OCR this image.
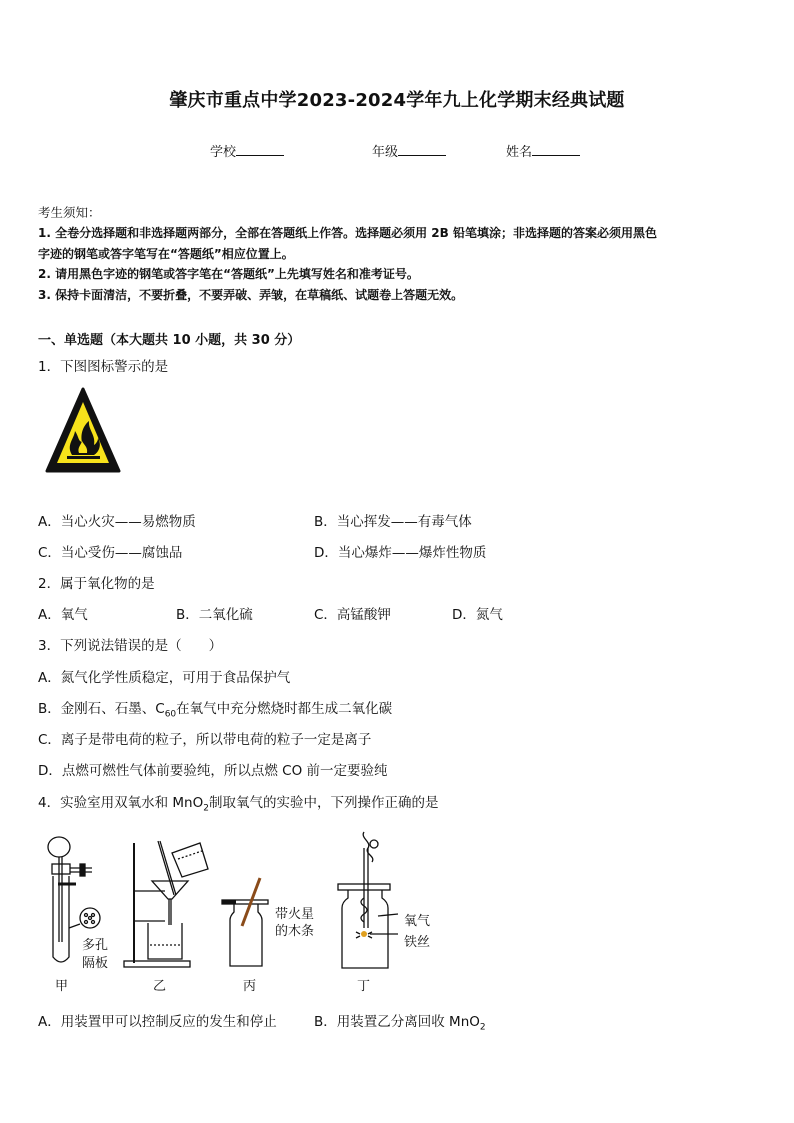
肇庆市重点中学2023-2024学年九上化学期末经典试题
学校	年级	姓名
考生须知：
1. 全卷分选择题和非选择题两部分，全部在答题纸上作答。选择题必须用 2B 铅笔填涂；非选择题的答案必须用黑色
字迹的钢笔或答字笔写在“答题纸”相应位置上。
2. 请用黑色字迹的钢笔或答字笔在“答题纸”上先填写姓名和准考证号。
3. 保持卡面清洁，不要折叠，不要弄破、弄皱，在草稿纸、试题卷上答题无效。
一、单选题（本大题共 10 小题，共 30 分）
1．下图图标警示的是
A．当心火灾——易燃物质	B．当心挥发——有毒气体
C．当心受伤——腐蚀品	D．当心爆炸——爆炸性物质
2．属于氧化物的是
A．氧气	B．二氧化硫	C．高锰酸钾	D．氮气
3．下列说法错误的是（　　）
A．氮气化学性质稳定，可用于食品保护气
B．金刚石、石墨、$C_{60}$在氧气中充分燃烧时都生成二氧化碳
C．离子是带电荷的粒子，所以带电荷的粒子一定是离子
D．点燃可燃性气体前要验纯，所以点燃 CO 前一定要验纯
4．实验室用双氧水和 MnO$_2$制取氧气的实验中，下列操作正确的是
多孔
隔板
甲	乙
带火星
的木条
丙
氧气
铁丝
丁
A．用装置甲可以控制反应的发生和停止	B．用装置乙分离回收 MnO$_2$
